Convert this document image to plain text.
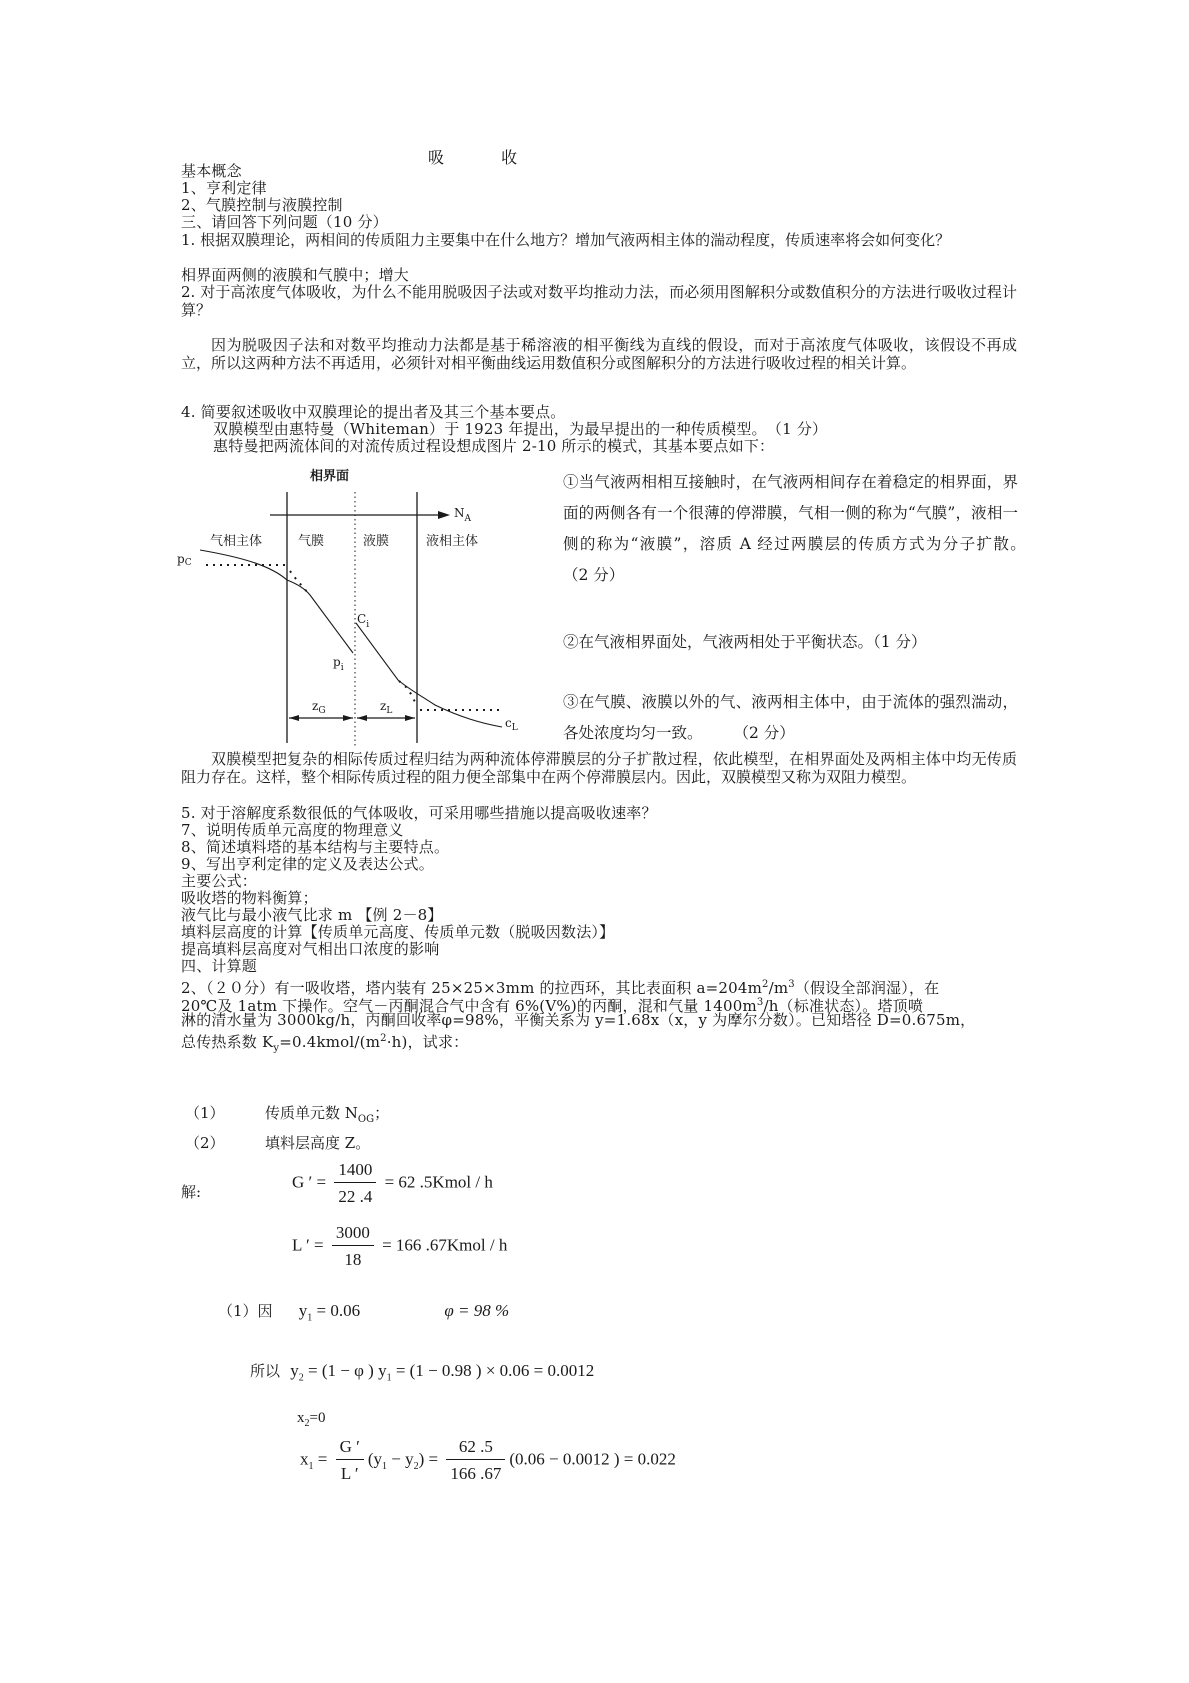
吸 收
基本概念
1、亨利定律
2、气膜控制与液膜控制
三、请回答下列问题（10 分）
1. 根据双膜理论，两相间的传质阻力主要集中在什么地方？增加气液两相主体的湍动程度，传质速率将会如何变化？
相界面两侧的液膜和气膜中；增大
2. 对于高浓度气体吸收，为什么不能用脱吸因子法或对数平均推动力法，而必须用图解积分或数值积分的方法进行吸收过程计算？
因为脱吸因子法和对数平均推动力法都是基于稀溶液的相平衡线为直线的假设，而对于高浓度气体吸收，该假设不再成立，所以这两种方法不再适用，必须针对相平衡曲线运用数值积分或图解积分的方法进行吸收过程的相关计算。
4. 简要叙述吸收中双膜理论的提出者及其三个基本要点。
双膜模型由惠特曼（Whiteman）于 1923 年提出，为最早提出的一种传质模型。　（1 分）
惠特曼把两流体间的对流传质过程设想成图片 2-10 所示的模式，其基本要点如下：
相界面
$N_A$
气相主体	气膜	液膜	液相主体
pC
$C_i$
$p_i$
$c_L$
$z_G$	$z_L$
①当气液两相相互接触时，在气液两相间存在着稳定的相界面，界面的两侧各有一个很薄的停滞膜，气相一侧的称为“气膜”，液相一侧的称为“液膜”，溶质 A 经过两膜层的传质方式为分子扩散。　　（2 分）
②在气液相界面处，气液两相处于平衡状态。（1 分）
③在气膜、液膜以外的气、液两相主体中，由于流体的强烈湍动，各处浓度均匀一致。　　　（2 分）
双膜模型把复杂的相际传质过程归结为两种流体停滞膜层的分子扩散过程，依此模型，在相界面处及两相主体中均无传质阻力存在。这样，整个相际传质过程的阻力便全部集中在两个停滞膜层内。因此，双膜模型又称为双阻力模型。
5. 对于溶解度系数很低的气体吸收，可采用哪些措施以提高吸收速率？
7、说明传质单元高度的物理意义
8、简述填料塔的基本结构与主要特点。
9、写出亨利定律的定义及表达公式。
主要公式：
吸收塔的物料衡算；
液气比与最小液气比求 m 【例 2－8】
填料层高度的计算【传质单元高度、传质单元数（脱吸因数法）】
提高填料层高度对气相出口浓度的影响
四、计算题
2、（２０分）有一吸收塔，塔内装有 25×25×3mm 的拉西环，其比表面积 $a=204m^2/m^3$（假设全部润湿），在
20℃及 1atm 下操作。空气－丙酮混合气中含有 6%(V%)的丙酮，混和气量 $1400m^3/h$（标准状态）。塔顶喷
淋的清水量为 3000kg/h，丙酮回收率φ=98%，平衡关系为 y=1.68x（x，y 为摩尔分数）。已知塔径 D=0.675m，
总传热系数 $K_y=0.4kmol/(m^2\cdot h)$，试求：
（1）	传质单元数 $N_{OG}$；
（2）	填料层高度 Z。
解:
G ′ = $\frac{1400}{22 .4} = 62$ .5Kmol / h
L ′ = $\frac{3000}{18} = 166$ .67Kmol / h
（1）因 $y_1 = 0.06$	φ = 98 %
所以 $y_2 = (1 - \varphi$ ) $y_1 = (1 - 0.98$ ) × 0.06 = 0.0012
$x_2=0$
$x_1 = \frac{G '}{L '} (y_1 - y_2) = \frac{62 .5}{166 .67} (0.06 - 0.0012$ ) = 0.022
